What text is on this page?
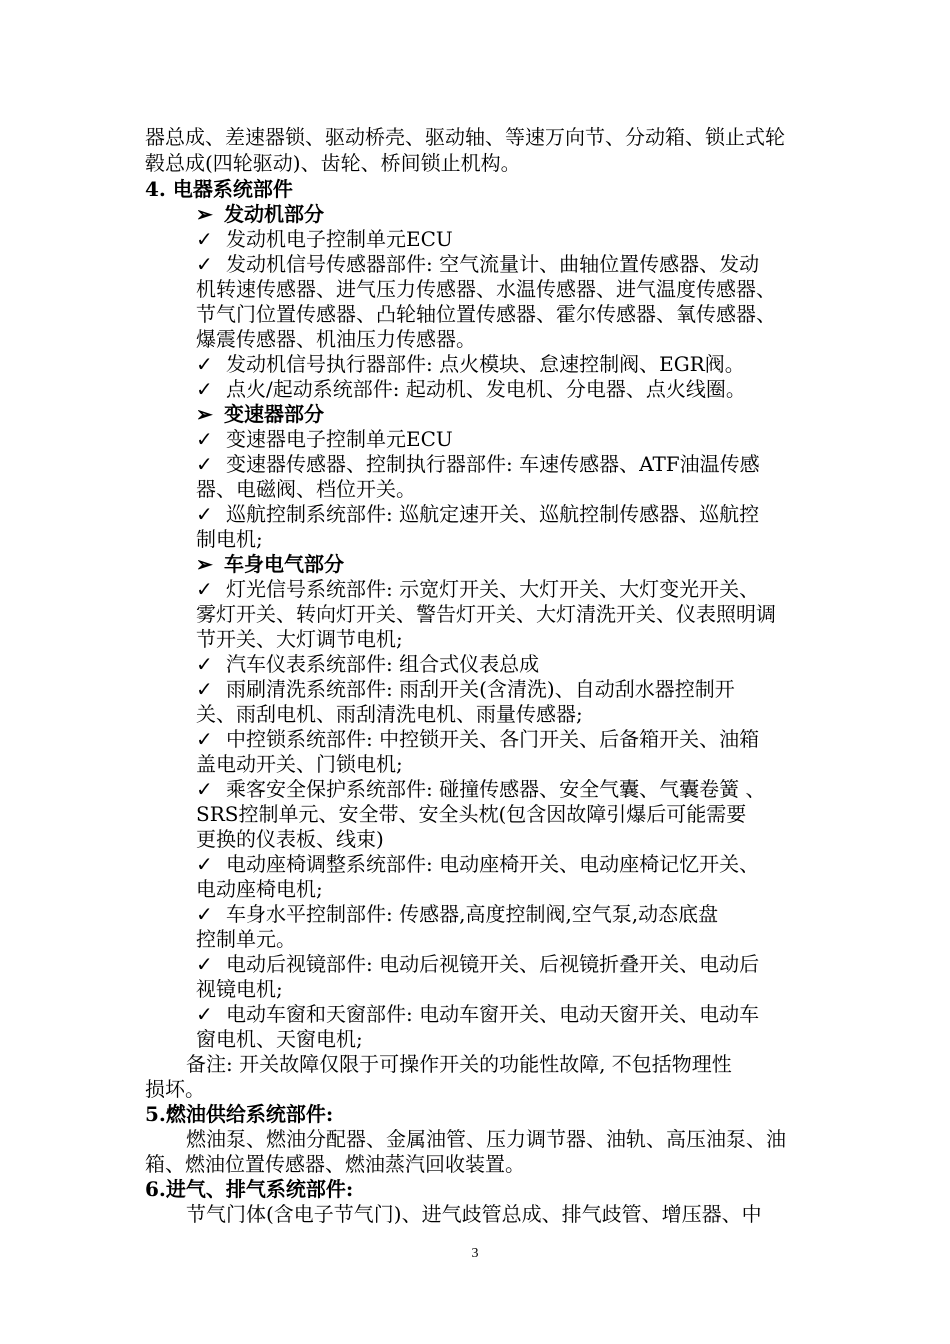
器总成、差速器锁、驱动桥壳、驱动轴、等速万向节、分动箱、锁止式轮
毂总成(四轮驱动)、齿轮、桥间锁止机构。
4. 电器系统部件
➢ 发动机部分
✓ 发动机电子控制单元ECU
✓ 发动机信号传感器部件: 空气流量计、曲轴位置传感器、发动
机转速传感器、进气压力传感器、水温传感器、进气温度传感器、
节气门位置传感器、凸轮轴位置传感器、霍尔传感器、氧传感器、
爆震传感器、机油压力传感器。
✓ 发动机信号执行器部件: 点火模块、怠速控制阀、EGR阀。
✓ 点火/起动系统部件: 起动机、发电机、分电器、点火线圈。
➢ 变速器部分
✓ 变速器电子控制单元ECU
✓ 变速器传感器、控制执行器部件: 车速传感器、ATF油温传感
器、电磁阀、档位开关。
✓ 巡航控制系统部件: 巡航定速开关、巡航控制传感器、巡航控
制电机;
➢ 车身电气部分
✓ 灯光信号系统部件: 示宽灯开关、大灯开关、大灯变光开关、
雾灯开关、转向灯开关、警告灯开关、大灯清洗开关、仪表照明调
节开关、大灯调节电机;
✓ 汽车仪表系统部件: 组合式仪表总成
✓ 雨刷清洗系统部件: 雨刮开关(含清洗)、自动刮水器控制开
关、雨刮电机、雨刮清洗电机、雨量传感器;
✓ 中控锁系统部件: 中控锁开关、各门开关、后备箱开关、油箱
盖电动开关、门锁电机;
✓ 乘客安全保护系统部件: 碰撞传感器、安全气囊、气囊卷簧 、
SRS控制单元、安全带、安全头枕(包含因故障引爆后可能需要
更换的仪表板、线束)
✓ 电动座椅调整系统部件: 电动座椅开关、电动座椅记忆开关、
电动座椅电机;
✓ 车身水平控制部件: 传感器,高度控制阀,空气泵,动态底盘
控制单元。
✓ 电动后视镜部件: 电动后视镜开关、后视镜折叠开关、电动后
视镜电机;
✓ 电动车窗和天窗部件: 电动车窗开关、电动天窗开关、电动车
窗电机、天窗电机;
备注: 开关故障仅限于可操作开关的功能性故障, 不包括物理性
损坏。
5.燃油供给系统部件:
燃油泵、燃油分配器、金属油管、压力调节器、油轨、高压油泵、油
箱、燃油位置传感器、燃油蒸汽回收装置。
6.进气、排气系统部件:
节气门体(含电子节气门)、进气歧管总成、排气歧管、增压器、中
3
